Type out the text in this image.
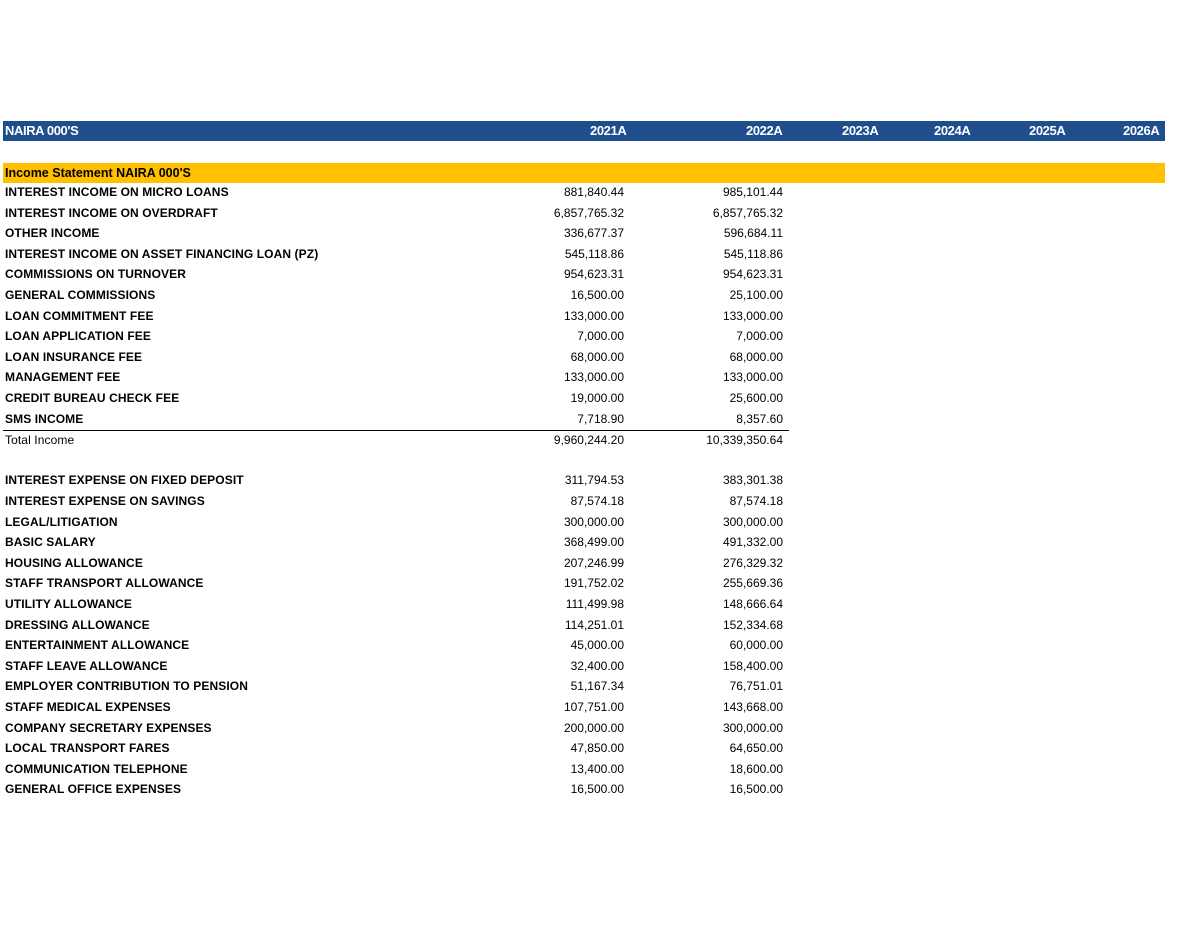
NAIRA 000'S	2021A	2022A	2023A	2024A	2025A	2026A
Income Statement NAIRA 000'S
INTEREST INCOME ON MICRO LOANS	881,840.44	985,101.44
INTEREST INCOME ON OVERDRAFT	6,857,765.32	6,857,765.32
OTHER INCOME	336,677.37	596,684.11
INTEREST INCOME ON ASSET FINANCING LOAN (PZ)	545,118.86	545,118.86
COMMISSIONS ON TURNOVER	954,623.31	954,623.31
GENERAL COMMISSIONS	16,500.00	25,100.00
LOAN COMMITMENT FEE	133,000.00	133,000.00
LOAN APPLICATION FEE	7,000.00	7,000.00
LOAN INSURANCE FEE	68,000.00	68,000.00
MANAGEMENT FEE	133,000.00	133,000.00
CREDIT BUREAU CHECK FEE	19,000.00	25,600.00
SMS INCOME	7,718.90	8,357.60
Total Income	9,960,244.20	10,339,350.64
INTEREST EXPENSE ON FIXED DEPOSIT	311,794.53	383,301.38
INTEREST EXPENSE ON SAVINGS	87,574.18	87,574.18
LEGAL/LITIGATION	300,000.00	300,000.00
BASIC SALARY	368,499.00	491,332.00
HOUSING ALLOWANCE	207,246.99	276,329.32
STAFF TRANSPORT ALLOWANCE	191,752.02	255,669.36
UTILITY ALLOWANCE	111,499.98	148,666.64
DRESSING ALLOWANCE	114,251.01	152,334.68
ENTERTAINMENT ALLOWANCE	45,000.00	60,000.00
STAFF LEAVE ALLOWANCE	32,400.00	158,400.00
EMPLOYER CONTRIBUTION TO PENSION	51,167.34	76,751.01
STAFF MEDICAL EXPENSES	107,751.00	143,668.00
COMPANY SECRETARY EXPENSES	200,000.00	300,000.00
LOCAL TRANSPORT FARES	47,850.00	64,650.00
COMMUNICATION TELEPHONE	13,400.00	18,600.00
GENERAL OFFICE EXPENSES	16,500.00	16,500.00
